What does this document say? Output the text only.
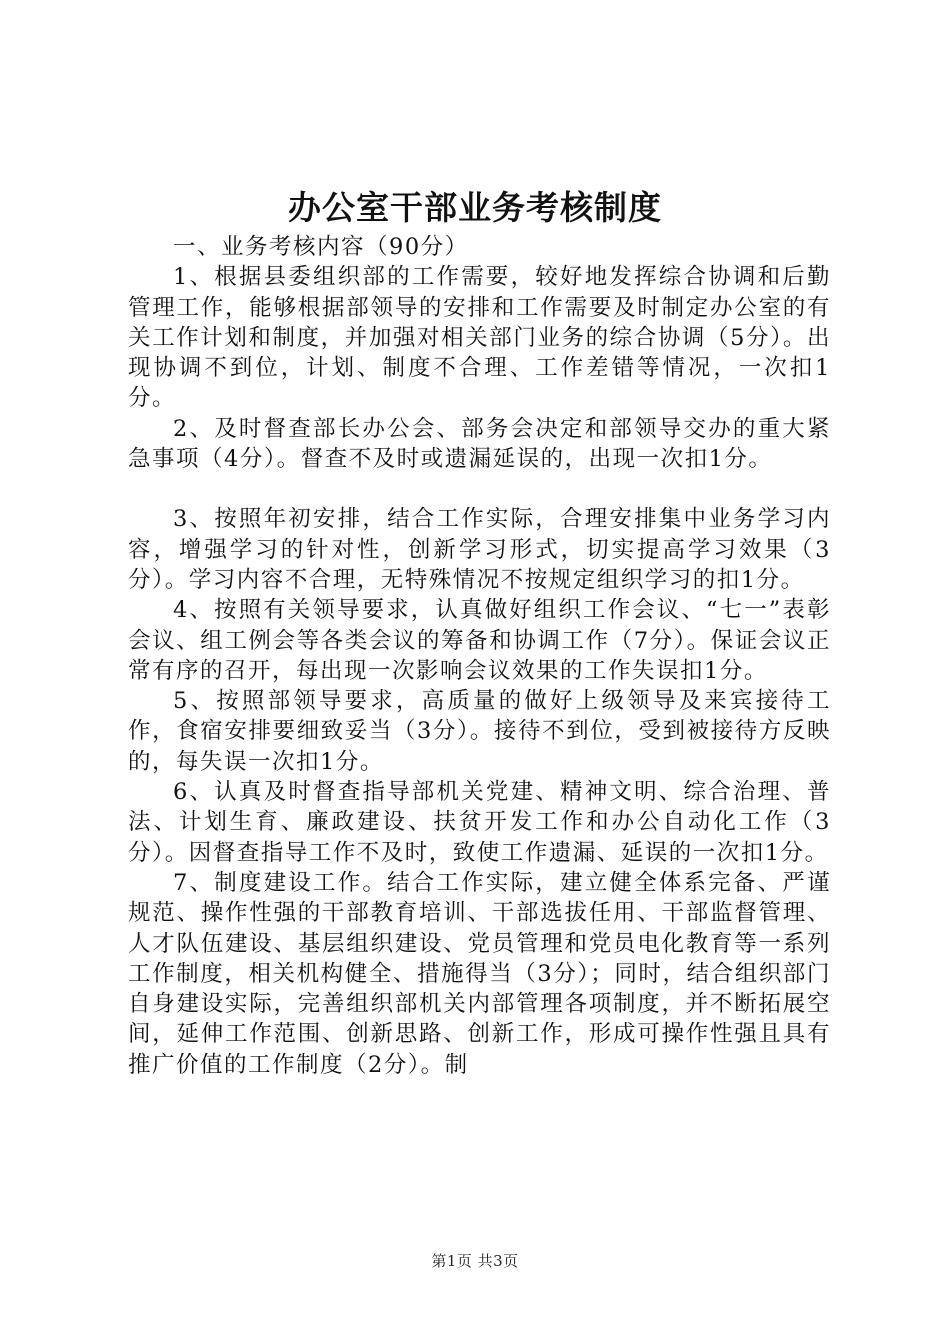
办公室干部业务考核制度

一、业务考核内容（90分）

1、根据县委组织部的工作需要，较好地发挥综合协调和后勤管理工作，能够根据部领导的安排和工作需要及时制定办公室的有关工作计划和制度，并加强对相关部门业务的综合协调（5分）。出现协调不到位，计划、制度不合理、工作差错等情况，一次扣1分。

2、及时督查部长办公会、部务会决定和部领导交办的重大紧急事项（4分）。督查不及时或遗漏延误的，出现一次扣1分。

3、按照年初安排，结合工作实际，合理安排集中业务学习内容，增强学习的针对性，创新学习形式，切实提高学习效果（3分）。学习内容不合理，无特殊情况不按规定组织学习的扣1分。

4、按照有关领导要求，认真做好组织工作会议、“七一”表彰会议、组工例会等各类会议的筹备和协调工作（7分）。保证会议正常有序的召开，每出现一次影响会议效果的工作失误扣1分。

5、按照部领导要求，高质量的做好上级领导及来宾接待工作，食宿安排要细致妥当（3分）。接待不到位，受到被接待方反映的，每失误一次扣1分。

6、认真及时督查指导部机关党建、精神文明、综合治理、普法、计划生育、廉政建设、扶贫开发工作和办公自动化工作（3分）。因督查指导工作不及时，致使工作遗漏、延误的一次扣1分。

7、制度建设工作。结合工作实际，建立健全体系完备、严谨规范、操作性强的干部教育培训、干部选拔任用、干部监督管理、人才队伍建设、基层组织建设、党员管理和党员电化教育等一系列工作制度，相关机构健全、措施得当（3分）；同时，结合组织部门自身建设实际，完善组织部机关内部管理各项制度，并不断拓展空间，延伸工作范围、创新思路、创新工作，形成可操作性强且具有推广价值的工作制度（2分）。制

第1页 共3页
